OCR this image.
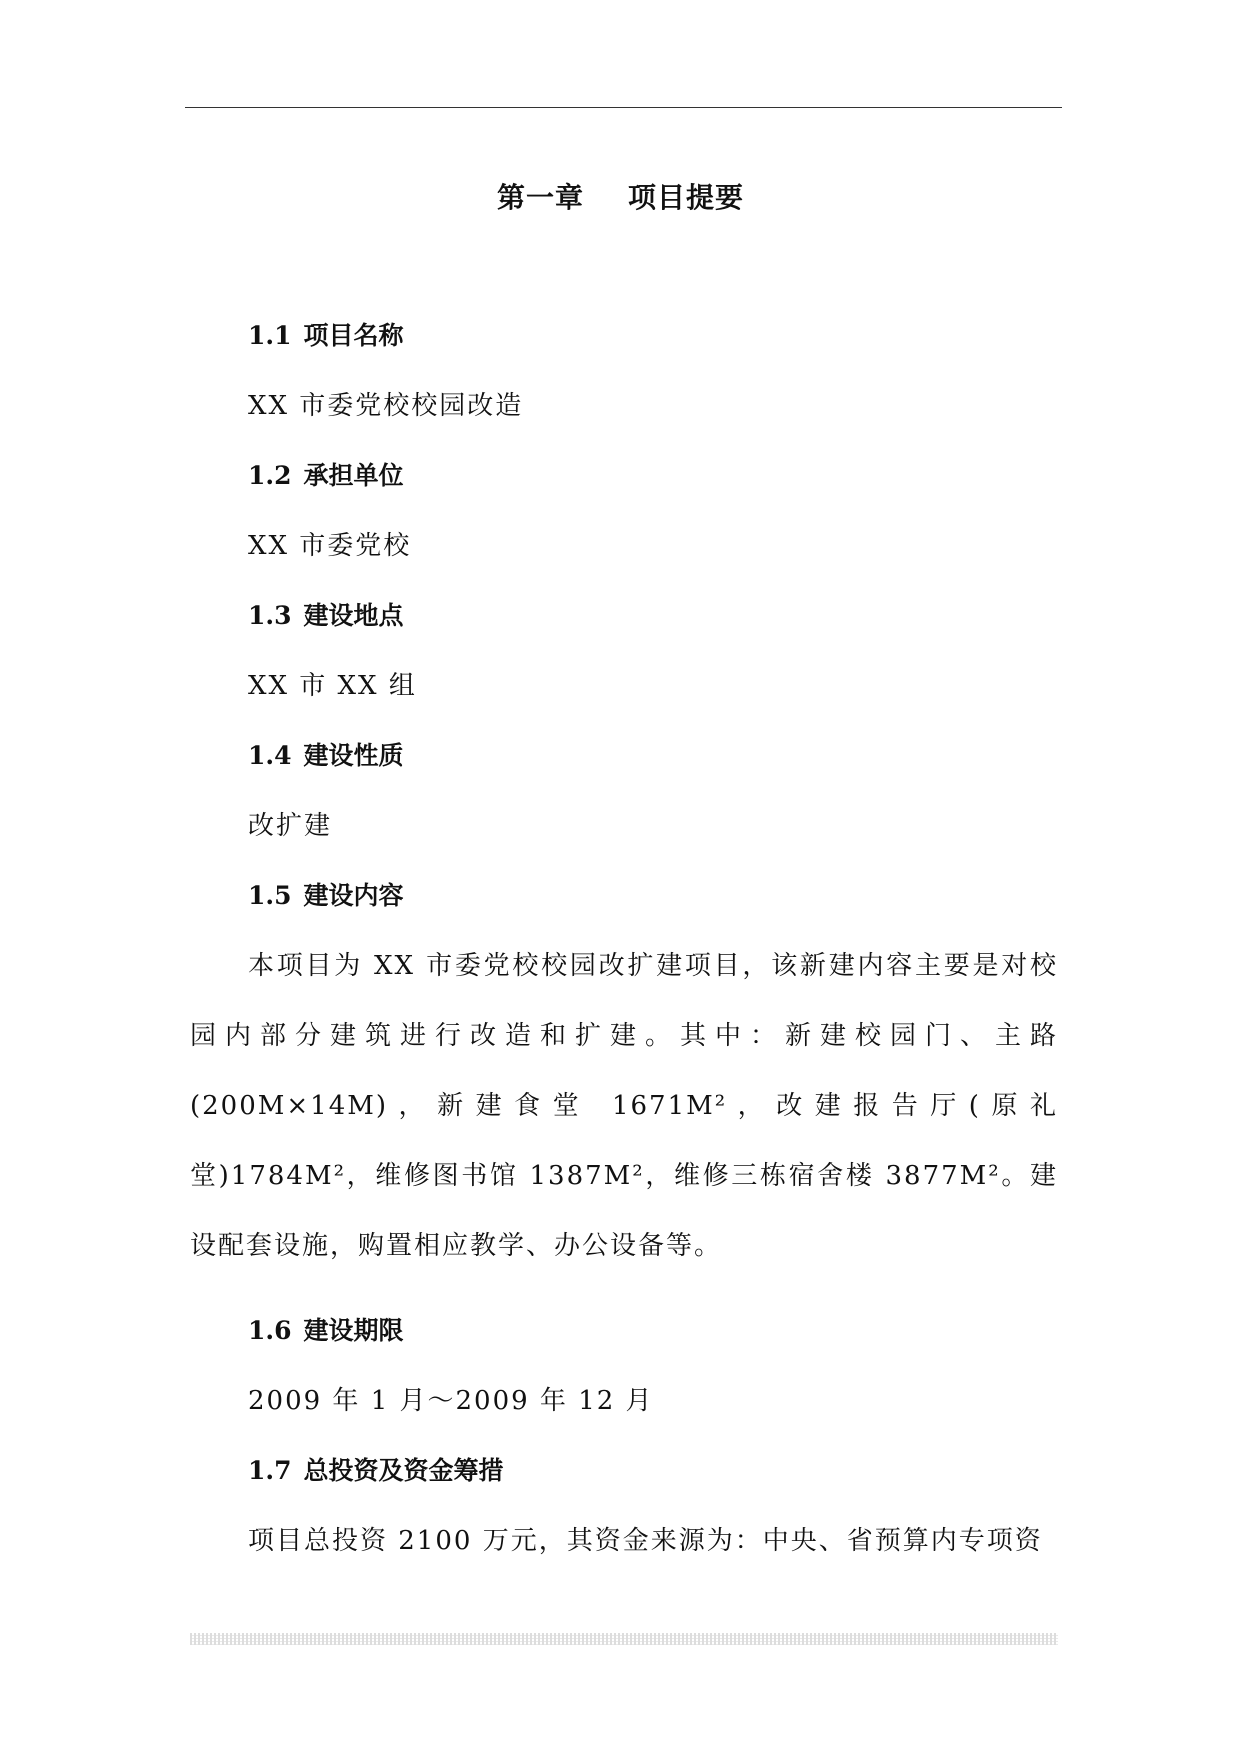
第一章 项目提要
1.1 项目名称
XX 市委党校校园改造
1.2 承担单位
XX 市委党校
1.3 建设地点
XX 市 XX 组
1.4 建设性质
改扩建
1.5 建设内容
本项目为 XX 市委党校校园改扩建项目，该新建内容主要是对校园内部分建筑进行改造和扩建。其中：新建校园门、主路(200M×14M)，新建食堂 1671M²，改建报告厅(原礼堂)1784M²，维修图书馆 1387M²，维修三栋宿舍楼 3877M²。建设配套设施，购置相应教学、办公设备等。
1.6 建设期限
2009 年 1 月～2009 年 12 月
1.7 总投资及资金筹措
项目总投资 2100 万元，其资金来源为：中央、省预算内专项资
